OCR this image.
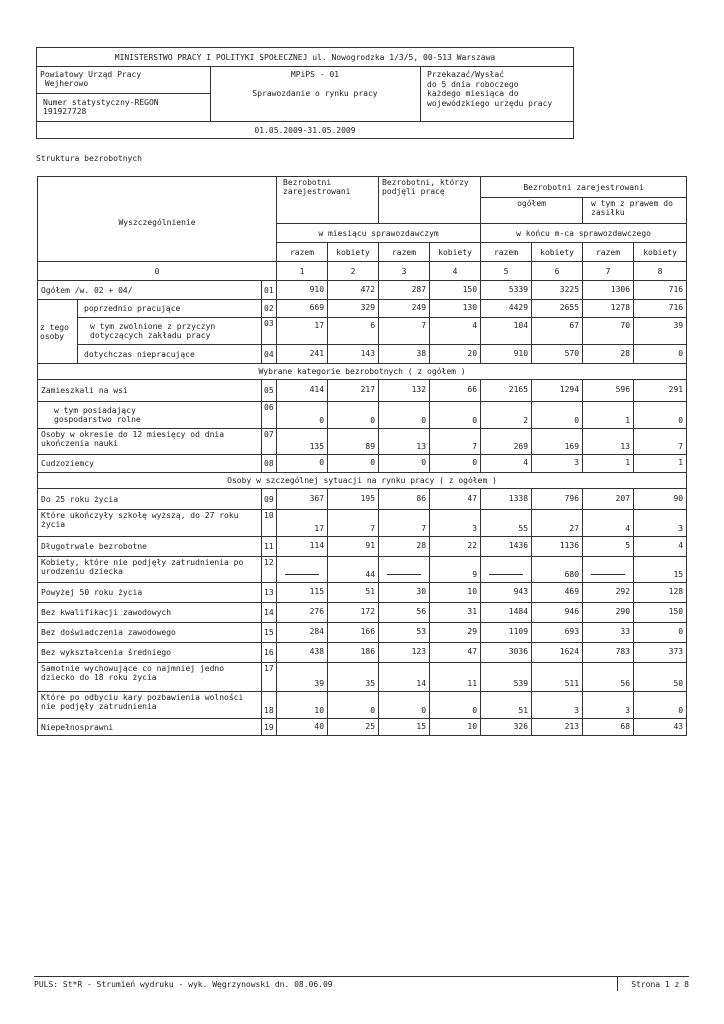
MINISTERSTWO PRACY I POLITYKI SPOŁECZNEJ ul. Nowogrodzka 1/3/5, 00-513 Warszawa
Powiatowy Urząd Pracy
Wejherowo
Numer statystyczny-REGON
191927728
MPiPS - 01
Sprawozdanie o rynku pracy
Przekazać/Wysłać
do 5 dnia roboczego
każdego miesiąca do
wojewódzkiego urzędu pracy
01.05.2009-31.05.2009
Struktura bezrobotnych
Wyszczególnienie			Bezrobotni zarejestrowani		Bezrobotni, którzy podjęli pracę		Bezrobotni zarejestrowani			
							ogółem		w tym z prawem do zasiłku	
			w miesiącu sprawozdawczym				w końcu m-ca sprawozdawczego			
			razem	kobiety	razem	kobiety	razem	kobiety	razem	kobiety
0			1	2	3	4	5	6	7	8
Ogółem /w. 02 + 04/		01	910	472	287	150	5339	3225	1306	716
z tego osoby	poprzednio pracujące	02	669	329	249	130	4429	2655	1278	716
	w tym zwolnione z przyczyn dotyczących zakładu pracy	03	17	6	7	4	104	67	70	39
	dotychczas niepracujące	04	241	143	38	20	910	570	28	0
Wybrane kategorie bezrobotnych ( z ogółem )										
Zamieszkali na wsi		05	414	217	132	66	2165	1294	596	291
w tym posiadający gospodarstwo rolne		06	0	0	0	0	2	0	1	0
Osoby w okresie do 12 miesięcy od dnia ukończenia nauki		07	135	89	13	7	269	169	13	7
Cudzoziemcy		08	0	0	0	0	4	3	1	1
Osoby w szczególnej sytuacji na rynku pracy ( z ogółem )										
Do 25 roku życia		09	367	195	86	47	1338	796	207	90
Które ukończyły szkołę wyższą, do 27 roku życia		10	17	7	7	3	55	27	4	3
Długotrwale bezrobotne		11	114	91	28	22	1436	1136	5	4
Kobiety, które nie podjęły zatrudnienia po urodzeniu dziecka		12		44		9		680		15
Powyżej 50 roku życia		13	115	51	30	10	943	469	292	128
Bez kwalifikacji zawodowych		14	276	172	56	31	1484	946	290	150
Bez doświadczenia zawodowego		15	284	166	53	29	1109	693	33	0
Bez wykształcenia średniego		16	438	186	123	47	3036	1624	783	373
Samotnie wychowujące co najmniej jedno dziecko do 18 roku życia		17	39	35	14	11	539	511	56	50
Które po odbyciu kary pozbawienia wolności nie podjęły zatrudnienia		18	10	0	0	0	51	3	3	0
Niepełnosprawni		19	40	25	15	10	326	213	68	43
PULS: St*R - Strumień wydruku - wyk. Węgrzynowski dn. 08.06.09	Strona 1 z 8
